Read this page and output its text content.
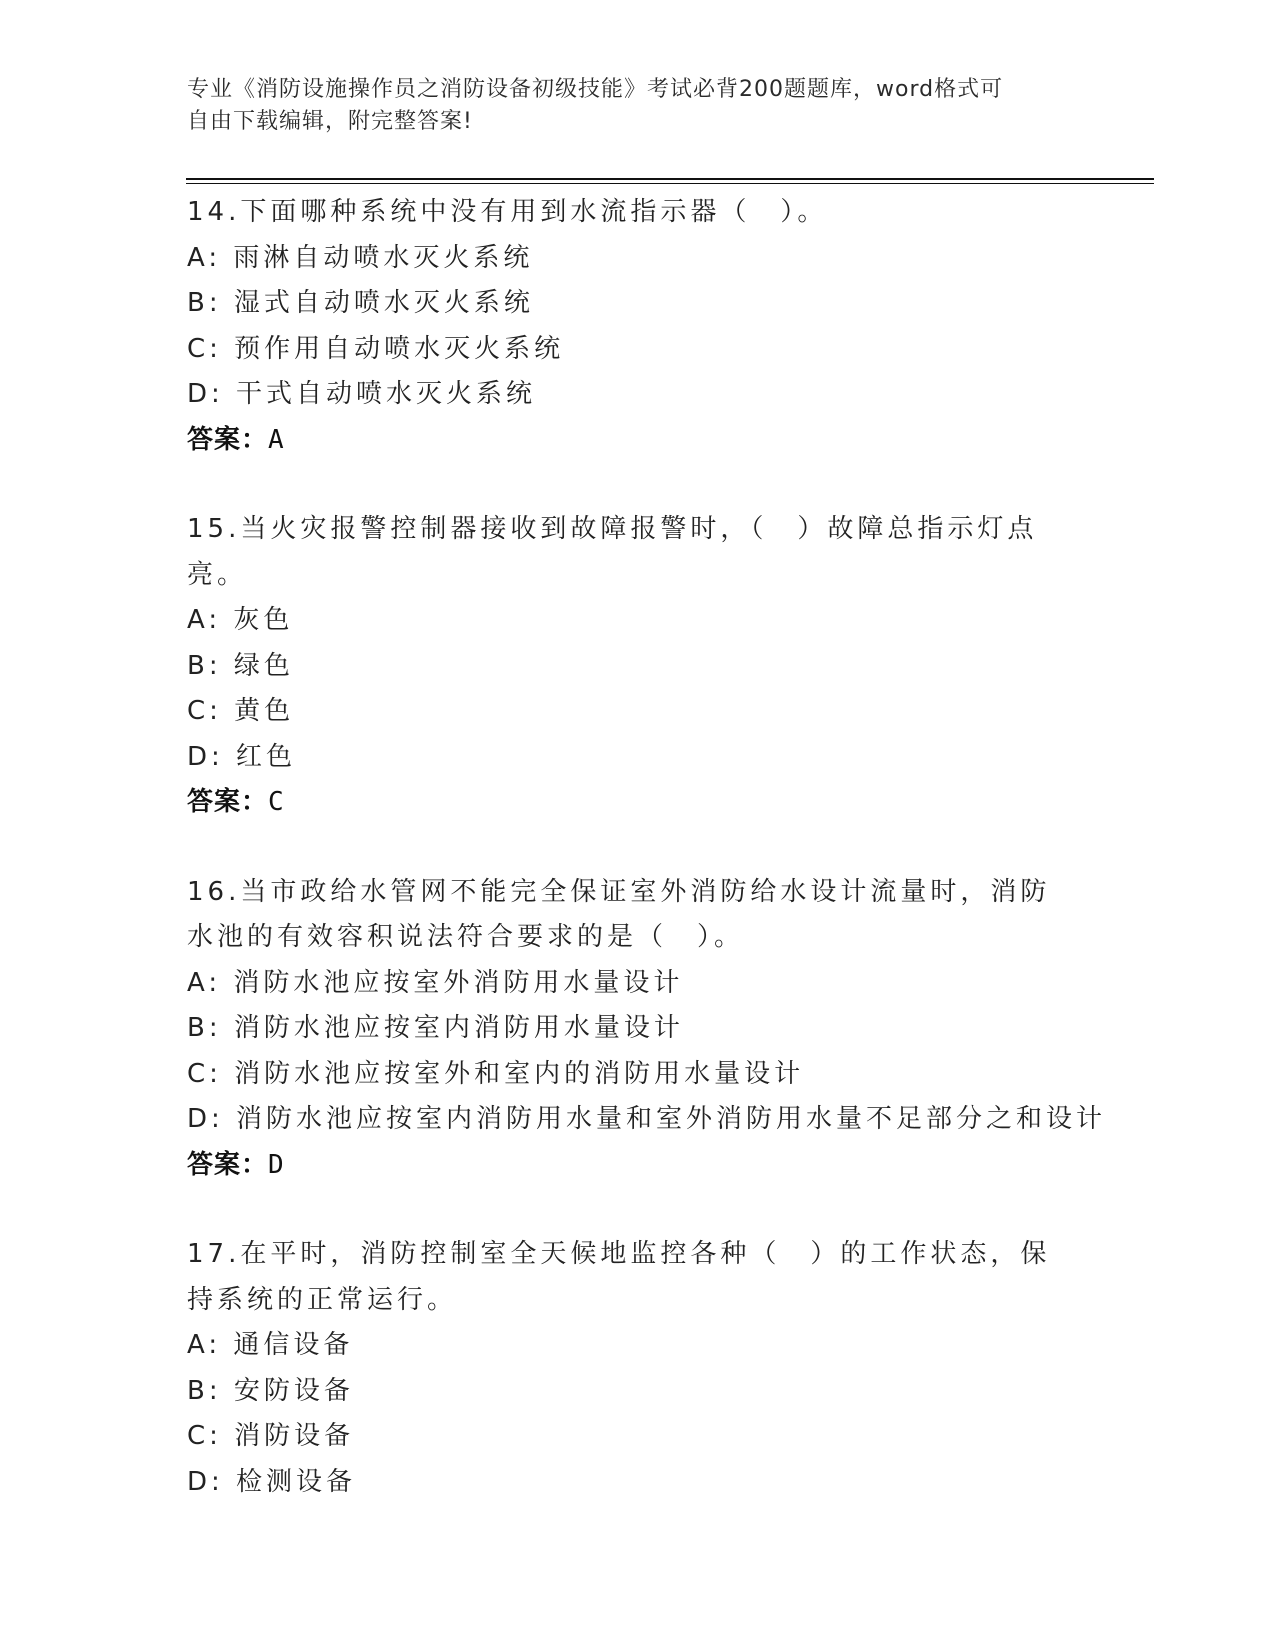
专业《消防设施操作员之消防设备初级技能》考试必背200题题库，word格式可
自由下载编辑，附完整答案!
14.下面哪种系统中没有用到水流指示器（　）。
A: 雨淋自动喷水灭火系统
B: 湿式自动喷水灭火系统
C: 预作用自动喷水灭火系统
D: 干式自动喷水灭火系统
答案：A
15.当火灾报警控制器接收到故障报警时，（　）故障总指示灯点亮。
A: 灰色
B: 绿色
C: 黄色
D: 红色
答案：C
16.当市政给水管网不能完全保证室外消防给水设计流量时，消防水池的有效容积说法符合要求的是（　）。
A: 消防水池应按室外消防用水量设计
B: 消防水池应按室内消防用水量设计
C: 消防水池应按室外和室内的消防用水量设计
D: 消防水池应按室内消防用水量和室外消防用水量不足部分之和设计
答案：D
17.在平时，消防控制室全天候地监控各种（　）的工作状态，保持系统的正常运行。
A: 通信设备
B: 安防设备
C: 消防设备
D: 检测设备
